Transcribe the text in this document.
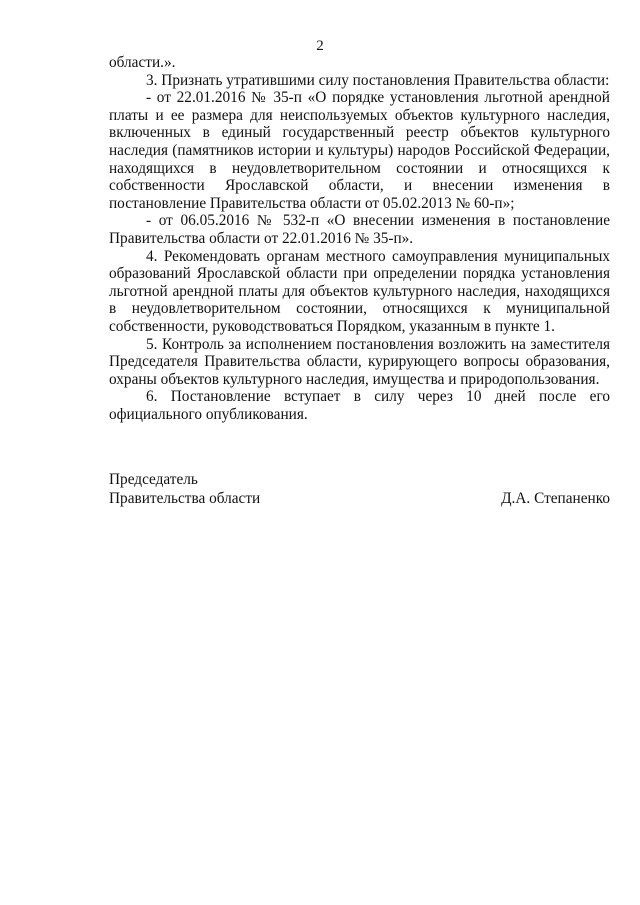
2

области.».

3. Признать утратившими силу постановления Правительства области:

- от 22.01.2016 № 35-п «О порядке установления льготной арендной платы и ее размера для неиспользуемых объектов культурного наследия, включенных в единый государственный реестр объектов культурного наследия (памятников истории и культуры) народов Российской Федерации, находящихся в неудовлетворительном состоянии и относящихся к собственности Ярославской области, и внесении изменения в постановление Правительства области от 05.02.2013 № 60-п»;

- от 06.05.2016 № 532-п «О внесении изменения в постановление Правительства области от 22.01.2016 № 35-п».

4. Рекомендовать органам местного самоуправления муниципальных образований Ярославской области при определении порядка установления льготной арендной платы для объектов культурного наследия, находящихся в неудовлетворительном состоянии, относящихся к муниципальной собственности, руководствоваться Порядком, указанным в пункте 1.

5. Контроль за исполнением постановления возложить на заместителя Председателя Правительства области, курирующего вопросы образования, охраны объектов культурного наследия, имущества и природопользования.

6. Постановление вступает в силу через 10 дней после его официального опубликования.

Председатель
Правительства области	Д.А. Степаненко
